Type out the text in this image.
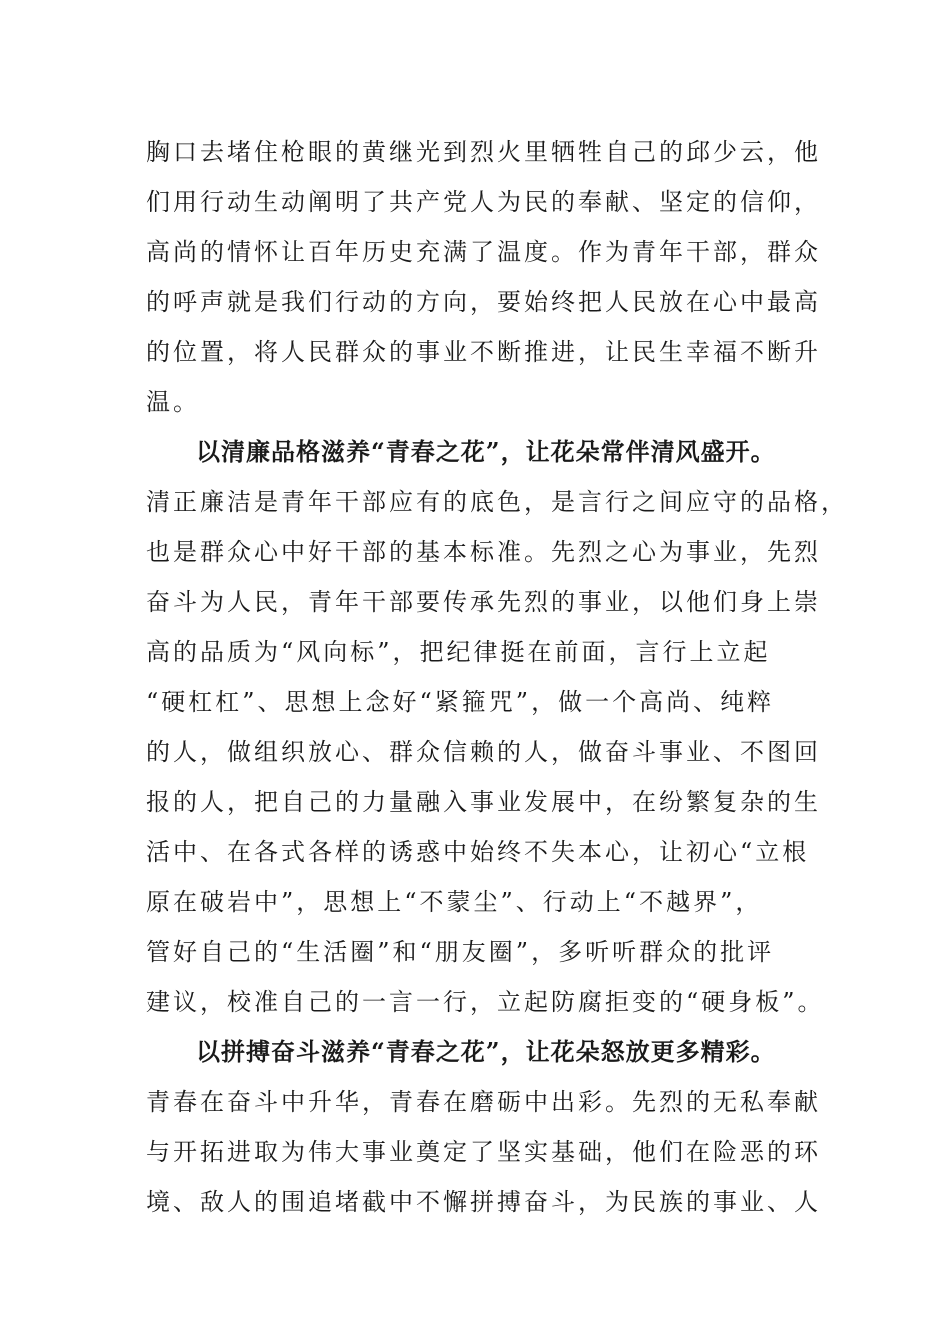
胸口去堵住枪眼的黄继光到烈火里牺牲自己的邱少云，他
们用行动生动阐明了共产党人为民的奉献、坚定的信仰，
高尚的情怀让百年历史充满了温度。作为青年干部，群众
的呼声就是我们行动的方向，要始终把人民放在心中最高
的位置，将人民群众的事业不断推进，让民生幸福不断升
温。
以清廉品格滋养“青春之花”，让花朵常伴清风盛开。
清正廉洁是青年干部应有的底色，是言行之间应守的品格，
也是群众心中好干部的基本标准。先烈之心为事业，先烈
奋斗为人民，青年干部要传承先烈的事业，以他们身上崇
高的品质为“风向标”，把纪律挺在前面，言行上立起
“硬杠杠”、思想上念好“紧箍咒”，做一个高尚、纯粹
的人，做组织放心、群众信赖的人，做奋斗事业、不图回
报的人，把自己的力量融入事业发展中，在纷繁复杂的生
活中、在各式各样的诱惑中始终不失本心，让初心“立根
原在破岩中”，思想上“不蒙尘”、行动上“不越界”，
管好自己的“生活圈”和“朋友圈”，多听听群众的批评
建议，校准自己的一言一行，立起防腐拒变的“硬身板”。
以拼搏奋斗滋养“青春之花”，让花朵怒放更多精彩。
青春在奋斗中升华，青春在磨砺中出彩。先烈的无私奉献
与开拓进取为伟大事业奠定了坚实基础，他们在险恶的环
境、敌人的围追堵截中不懈拼搏奋斗，为民族的事业、人
